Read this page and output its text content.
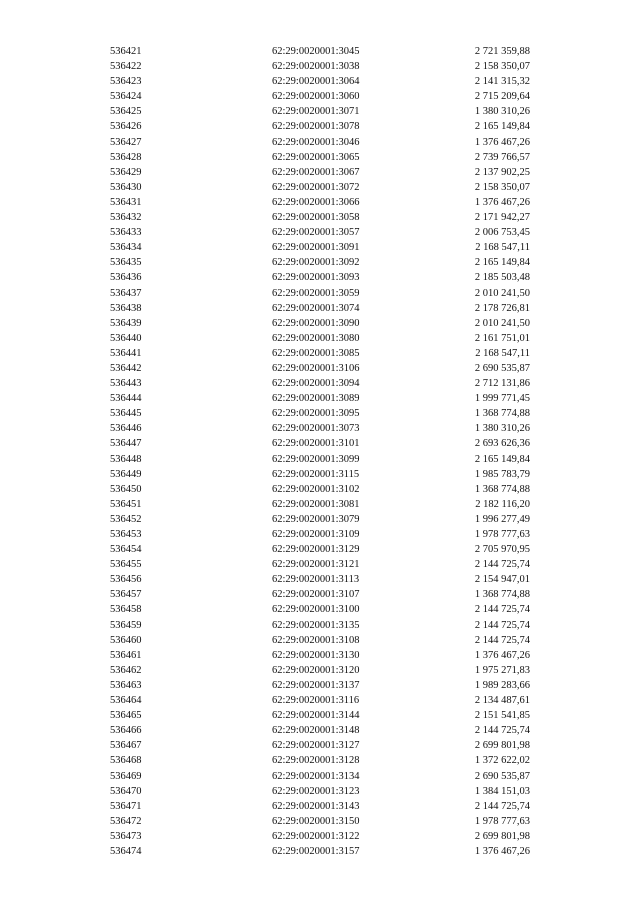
536421	62:29:0020001:3045	2 721 359,88
536422	62:29:0020001:3038	2 158 350,07
536423	62:29:0020001:3064	2 141 315,32
536424	62:29:0020001:3060	2 715 209,64
536425	62:29:0020001:3071	1 380 310,26
536426	62:29:0020001:3078	2 165 149,84
536427	62:29:0020001:3046	1 376 467,26
536428	62:29:0020001:3065	2 739 766,57
536429	62:29:0020001:3067	2 137 902,25
536430	62:29:0020001:3072	2 158 350,07
536431	62:29:0020001:3066	1 376 467,26
536432	62:29:0020001:3058	2 171 942,27
536433	62:29:0020001:3057	2 006 753,45
536434	62:29:0020001:3091	2 168 547,11
536435	62:29:0020001:3092	2 165 149,84
536436	62:29:0020001:3093	2 185 503,48
536437	62:29:0020001:3059	2 010 241,50
536438	62:29:0020001:3074	2 178 726,81
536439	62:29:0020001:3090	2 010 241,50
536440	62:29:0020001:3080	2 161 751,01
536441	62:29:0020001:3085	2 168 547,11
536442	62:29:0020001:3106	2 690 535,87
536443	62:29:0020001:3094	2 712 131,86
536444	62:29:0020001:3089	1 999 771,45
536445	62:29:0020001:3095	1 368 774,88
536446	62:29:0020001:3073	1 380 310,26
536447	62:29:0020001:3101	2 693 626,36
536448	62:29:0020001:3099	2 165 149,84
536449	62:29:0020001:3115	1 985 783,79
536450	62:29:0020001:3102	1 368 774,88
536451	62:29:0020001:3081	2 182 116,20
536452	62:29:0020001:3079	1 996 277,49
536453	62:29:0020001:3109	1 978 777,63
536454	62:29:0020001:3129	2 705 970,95
536455	62:29:0020001:3121	2 144 725,74
536456	62:29:0020001:3113	2 154 947,01
536457	62:29:0020001:3107	1 368 774,88
536458	62:29:0020001:3100	2 144 725,74
536459	62:29:0020001:3135	2 144 725,74
536460	62:29:0020001:3108	2 144 725,74
536461	62:29:0020001:3130	1 376 467,26
536462	62:29:0020001:3120	1 975 271,83
536463	62:29:0020001:3137	1 989 283,66
536464	62:29:0020001:3116	2 134 487,61
536465	62:29:0020001:3144	2 151 541,85
536466	62:29:0020001:3148	2 144 725,74
536467	62:29:0020001:3127	2 699 801,98
536468	62:29:0020001:3128	1 372 622,02
536469	62:29:0020001:3134	2 690 535,87
536470	62:29:0020001:3123	1 384 151,03
536471	62:29:0020001:3143	2 144 725,74
536472	62:29:0020001:3150	1 978 777,63
536473	62:29:0020001:3122	2 699 801,98
536474	62:29:0020001:3157	1 376 467,26
